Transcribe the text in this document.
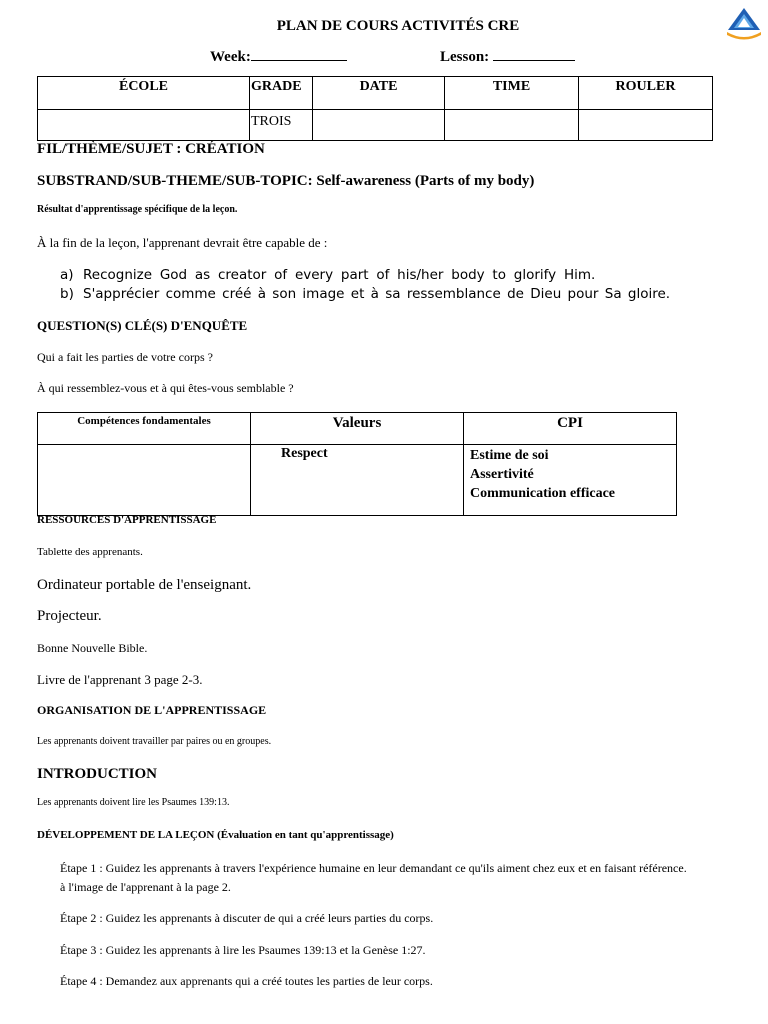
PLAN DE COURS ACTIVITÉS CRE
Week:	Lesson:
ÉCOLE	GRADE	DATE	TIME	ROULER
	TROIS			
FIL/THÈME/SUJET : CRÉATION
SUBSTRAND/SUB-THEME/SUB-TOPIC: Self-awareness (Parts of my body)
Résultat d'apprentissage spécifique de la leçon.
À la fin de la leçon, l'apprenant devrait être capable de :
a) Recognize God as creator of every part of his/her body to glorify Him.
b) S'apprécier comme créé à son image et à sa ressemblance de Dieu pour Sa gloire.
QUESTION(S) CLÉ(S) D'ENQUÊTE
Qui a fait les parties de votre corps ?
À qui ressemblez-vous et à qui êtes-vous semblable ?
Compétences fondamentales	Valeurs	CPI
	Respect	Estime de soi
Assertivité
Communication efficace
RESSOURCES D'APPRENTISSAGE
Tablette des apprenants.
Ordinateur portable de l'enseignant.
Projecteur.
Bonne Nouvelle Bible.
Livre de l'apprenant 3 page 2-3.
ORGANISATION DE L'APPRENTISSAGE
Les apprenants doivent travailler par paires ou en groupes.
INTRODUCTION
Les apprenants doivent lire les Psaumes 139:13.
DÉVELOPPEMENT DE LA LEÇON (Évaluation en tant qu'apprentissage)
Étape 1 : Guidez les apprenants à travers l'expérience humaine en leur demandant ce qu'ils aiment chez eux et en faisant référence.
à l'image de l'apprenant à la page 2.
Étape 2 : Guidez les apprenants à discuter de qui a créé leurs parties du corps.
Étape 3 : Guidez les apprenants à lire les Psaumes 139:13 et la Genèse 1:27.
Étape 4 : Demandez aux apprenants qui a créé toutes les parties de leur corps.
